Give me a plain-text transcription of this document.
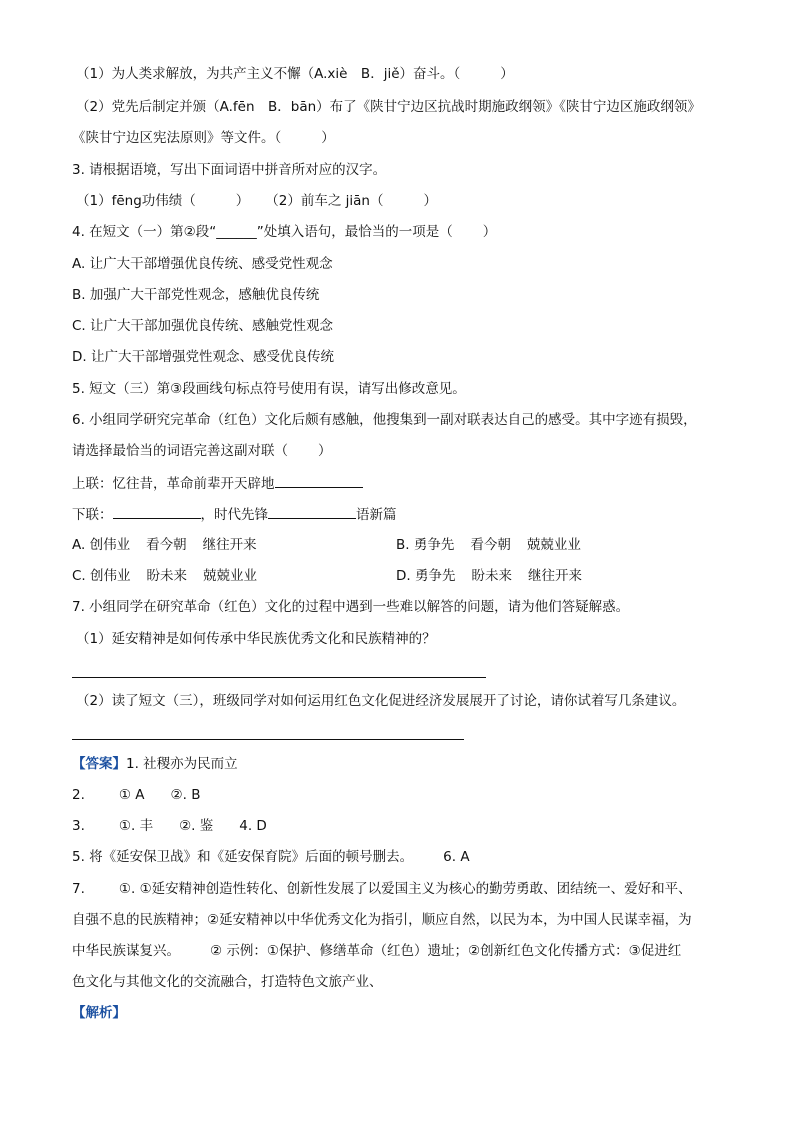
（1）为人类求解放，为共产主义不懈（A.xiè　B．jiě）奋斗。（	）
（2）党先后制定并颁（A.fēn　B．bān）布了《陕甘宁边区抗战时期施政纲领》《陕甘宁边区施政纲领》
《陕甘宁边区宪法原则》等文件。（	）
3. 请根据语境，写出下面词语中拼音所对应的汉字。
（1）fēng功伟绩（	） （2）前车之 jiān（	）
4. 在短文（一）第②段“______”处填入语句，最恰当的一项是（ ）
A. 让广大干部增强优良传统、感受党性观念
B. 加强广大干部党性观念，感触优良传统
C. 让广大干部加强优良传统、感触党性观念
D. 让广大干部增强党性观念、感受优良传统
5. 短文（三）第③段画线句标点符号使用有误，请写出修改意见。
6. 小组同学研究完革命（红色）文化后颇有感触，他搜集到一副对联表达自己的感受。其中字迹有损毁，
请选择最恰当的词语完善这副对联（ ）
上联：忆往昔，革命前辈开天辟地
下联：	，时代先锋	语新篇
A. 创伟业 看今朝 继往开来	B. 勇争先 看今朝 兢兢业业
C. 创伟业 盼未来 兢兢业业	D. 勇争先 盼未来 继往开来
7. 小组同学在研究革命（红色）文化的过程中遇到一些难以解答的问题，请为他们答疑解惑。
（1）延安精神是如何传承中华民族优秀文化和民族精神的？
（2）读了短文（三），班级同学对如何运用红色文化促进经济发展展开了讨论，请你试着写几条建议。
【答案】1. 社稷亦为民而立
2.	① A ②. B
3.	①. 丰 ②. 鉴 4. D
5. 将《延安保卫战》和《延安保育院》后面的顿号删去。 6. A
7.	①. ①延安精神创造性转化、创新性发展了以爱国主义为核心的勤劳勇敢、团结统一、爱好和平、
自强不息的民族精神；②延安精神以中华优秀文化为指引，顺应自然，以民为本，为中国人民谋幸福，为
中华民族谋复兴。 ② 示例：①保护、修缮革命（红色）遗址；②创新红色文化传播方式：③促进红
色文化与其他文化的交流融合，打造特色文旅产业、
【解析】
